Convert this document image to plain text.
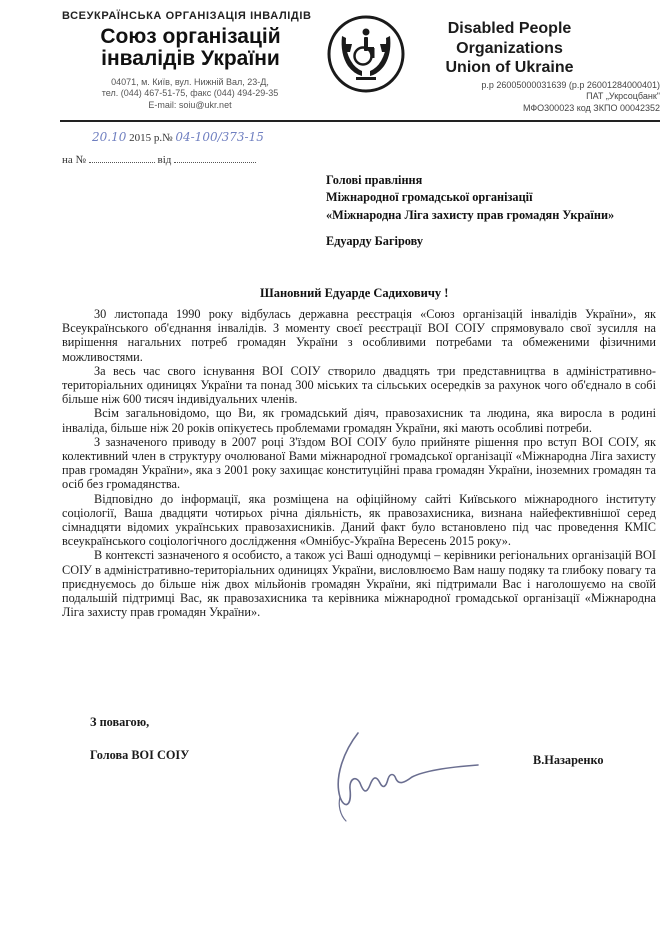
ВСЕУКРАЇНСЬКА ОРГАНІЗАЦІЯ ІНВАЛІДІВ
Союз організацій
інвалідів України
04071, м. Київ, вул. Нижній Вал, 23-Д,
тел. (044) 467-51-75, факс (044) 494-29-35
E-mail: soiu@ukr.net
Disabled People
Organizations
Union of Ukraine
р.р 26005000031639 (р.р 26001284000401)
ПАТ „Укрсоцбанк"
МФО300023 код ЗКПО 00042352
20.10 2015 р.№ 04-100/373-15
на №	від
Голові правління
Міжнародної громадської організації
«Міжнародна Ліга захисту прав громадян України»
Едуарду Багірову
Шановний Едуарде Садиховичу !

30 листопада 1990 року відбулась державна реєстрація «Союз організацій інвалідів України», як Всеукраїнського об'єднання інвалідів. З моменту своєї реєстрації ВОІ СОІУ спрямовувало свої зусилля на вирішення нагальних потреб громадян України з особливими потребами та обмеженими фізичними можливостями.

За весь час свого існування ВОІ СОІУ створило двадцять три представництва в адміністративно-територіальних одиницях України та понад 300 міських та сільських осередків за рахунок чого об'єднало в собі більше ніж 600 тисяч індивідуальних членів.

Всім загальновідомо, що Ви, як громадський діяч, правозахисник та людина, яка виросла в родині інваліда, більше ніж 20 років опікуєтесь проблемами громадян України, які мають особливі потреби.

З зазначеного приводу в 2007 році З'їздом ВОІ СОІУ було прийняте рішення про вступ ВОІ СОІУ, як колективний член в структуру очолюваної Вами міжнародної громадської організації «Міжнародна Ліга захисту прав громадян України», яка з 2001 року захищає конституційні права громадян України, іноземних громадян та осіб без громадянства.

Відповідно до інформації, яка розміщена на офіційному сайті Київського міжнародного інституту соціології, Ваша двадцяти чотирьох річна діяльність, як правозахисника, визнана найефективнішої серед сімнадцяти відомих українських правозахисників. Даний факт було встановлено під час проведення КМІС всеукраїнського соціологічного дослідження «Омнібус-Україна Вересень 2015 року».

В контексті зазначеного я особисто, а також усі Ваші однодумці – керівники регіональних організацій ВОІ СОІУ в адміністративно-територіальних одиницях України, висловлюємо Вам нашу подяку та глибоку повагу та приєднуємось до більше ніж двох мільйонів громадян України, які підтримали Вас і наголошуємо на своїй подальшій підтримці Вас, як правозахисника та керівника міжнародної громадської організації «Міжнародна Ліга захисту прав громадян України».

З повагою,
Голова ВОІ СОІУ	В.Назаренко
